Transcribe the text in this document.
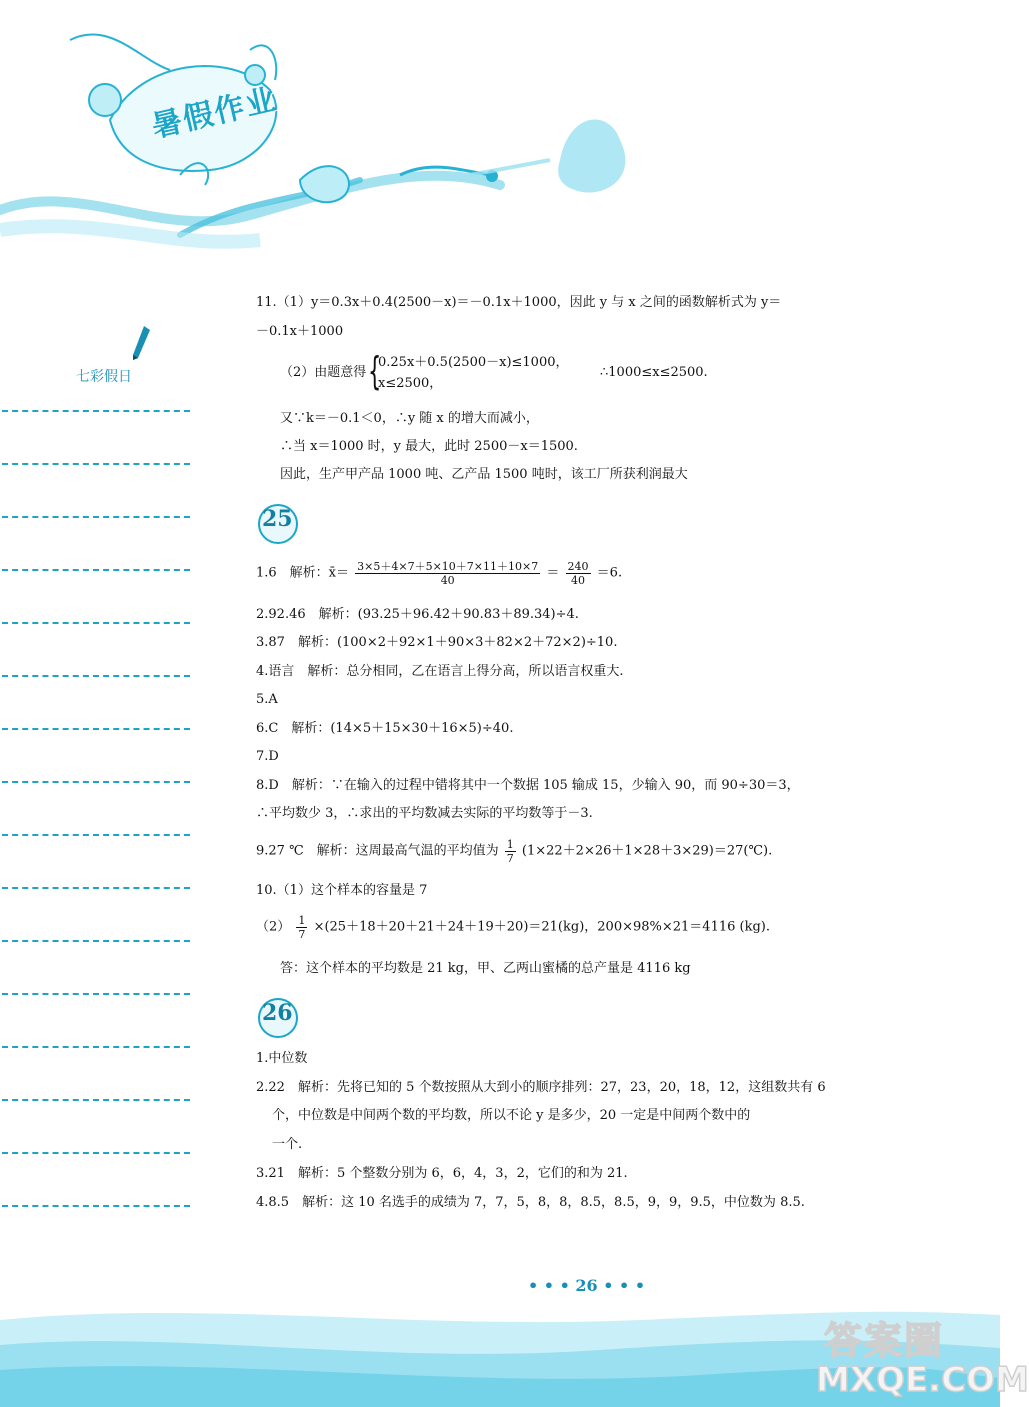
暑假作业
七彩假日
11.（1）y＝0.3x＋0.4(2500－x)＝－0.1x＋1000，因此 y 与 x 之间的函数解析式为 y＝
－0.1x＋1000
（2）由题意得 {
0.25x＋0.5(2500－x)≤1000，
x≤2500，
∴1000≤x≤2500.
又∵k＝－0.1＜0，∴y 随 x 的增大而减小，
∴当 x＝1000 时，y 最大，此时 2500－x＝1500.
因此，生产甲产品 1000 吨、乙产品 1500 吨时，该工厂所获利润最大
25
1.6　解析：x̄＝ $\frac{3\times 5+4\times 7+5\times 10+7\times 11+10\times 7}{40} = \frac{240}{40} =6$.
2.92.46　解析：(93.25＋96.42＋90.83＋89.34)÷4.
3.87　解析：(100×2＋92×1＋90×3＋82×2＋72×2)÷10.
4.语言　解析：总分相同，乙在语言上得分高，所以语言权重大.
5.A
6.C　解析：(14×5＋15×30＋16×5)÷40.
7.D
8.D　解析：∵在输入的过程中错将其中一个数据 105 输成 15，少输入 90，而 90÷30＝3，
∴平均数少 3，∴求出的平均数减去实际的平均数等于－3.
9.27 ℃　解析：这周最高气温的平均值为 $\frac{1}{7}$ (1×22＋2×26＋1×28＋3×29)＝27(℃).
10.（1）这个样本的容量是 7
$(2) \frac{1}{7} \times(25+18+20+21+24+19+20)=21(kg)$，200×98%×21＝4116 (kg).
答：这个样本的平均数是 21 kg，甲、乙两山蜜橘的总产量是 4116 kg
26
1.中位数
2.22　解析：先将已知的 5 个数按照从大到小的顺序排列：27，23，20，18，12，这组数共有 6
个，中位数是中间两个数的平均数，所以不论 y 是多少，20 一定是中间两个数中的
一个.
3.21　解析：5 个整数分别为 6，6，4，3，2，它们的和为 21.
4.8.5　解析：这 10 名选手的成绩为 7，7，5，8，8，8.5，8.5，9，9，9.5，中位数为 8.5.
• • • 26 • • •
答案圈
MXQE.COM
